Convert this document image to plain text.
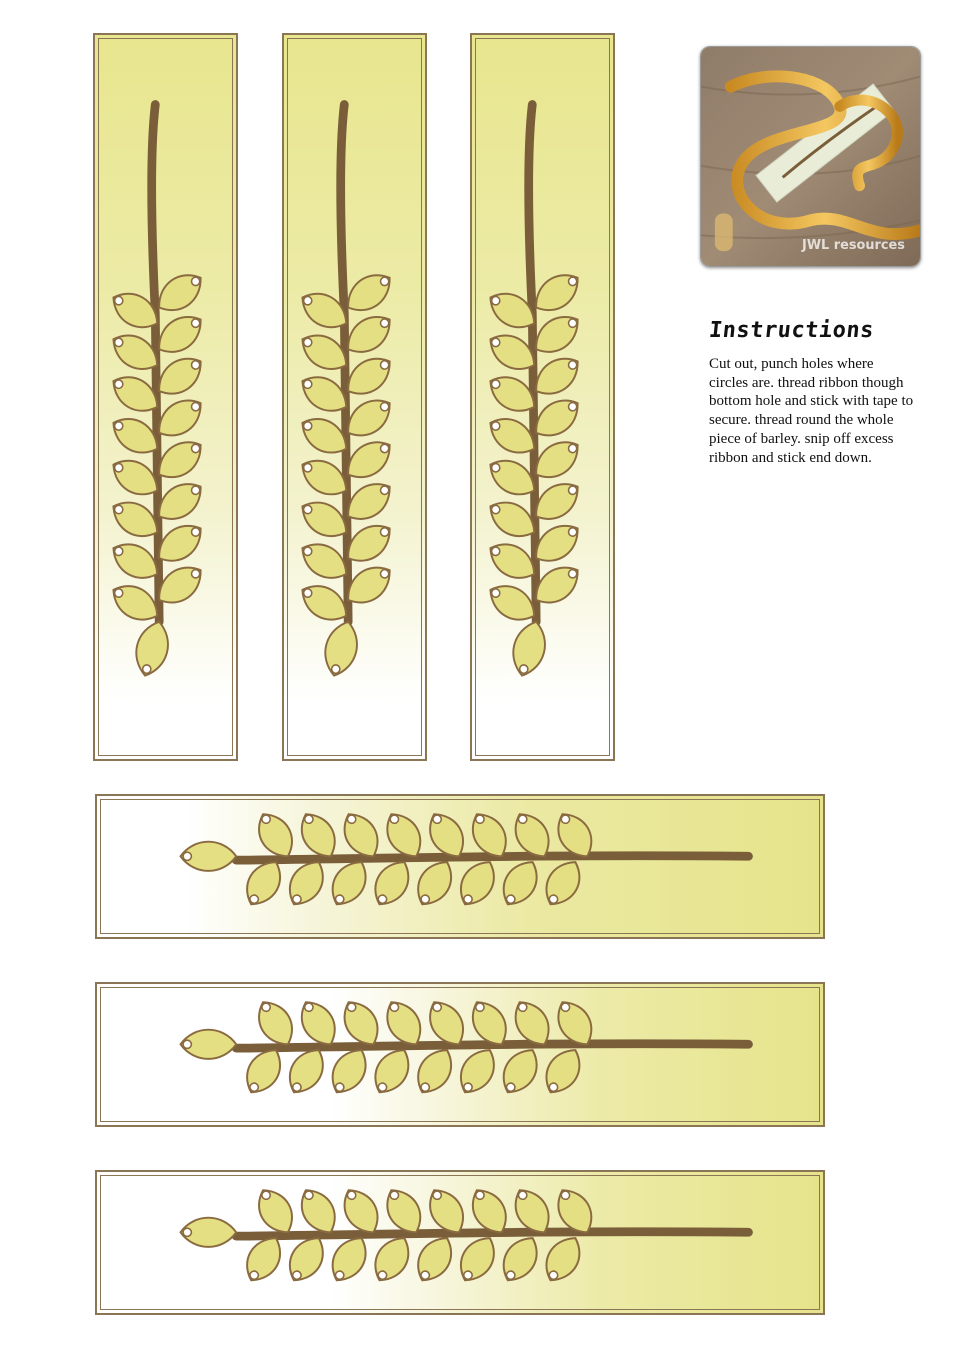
JWL resources
Instructions
Cut out, punch holes where circles are. thread ribbon though bottom hole and stick with tape to secure. thread round the whole piece of barley. snip off excess ribbon and stick end down.
